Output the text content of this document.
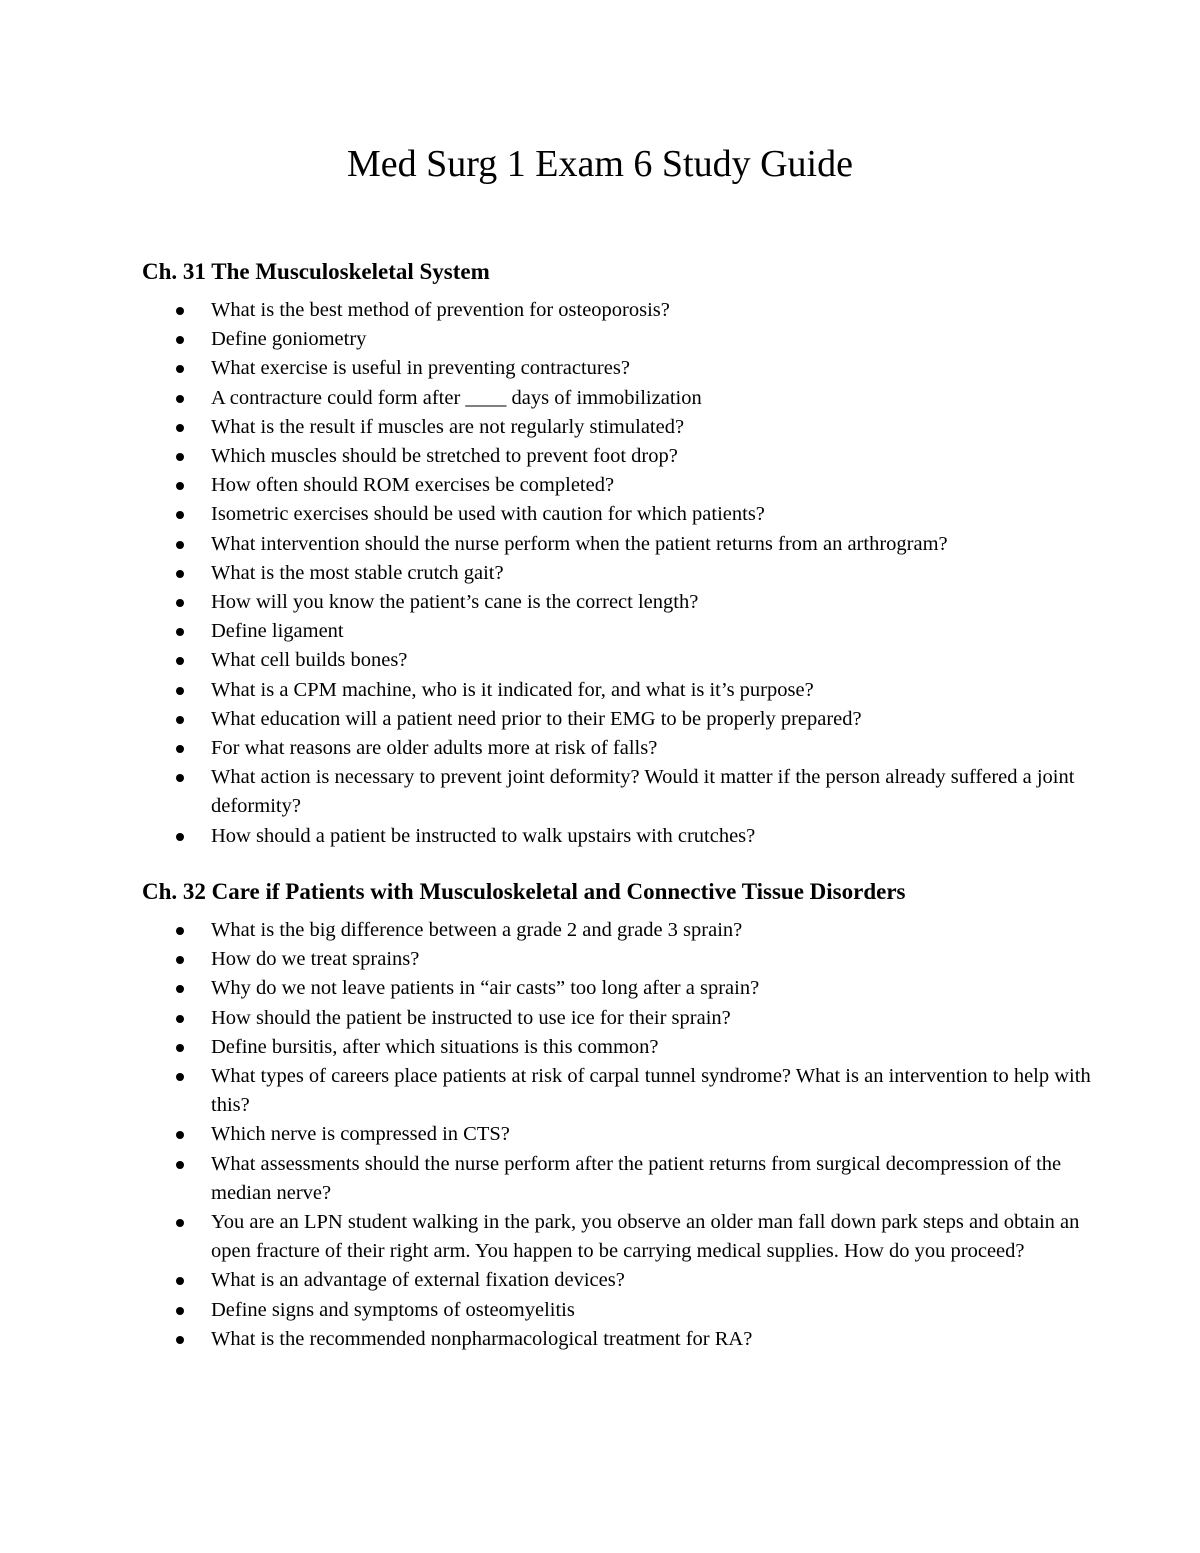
Med Surg 1 Exam 6 Study Guide
Ch. 31 The Musculoskeletal System
What is the best method of prevention for osteoporosis?
Define goniometry
What exercise is useful in preventing contractures?
A contracture could form after ____ days of immobilization
What is the result if muscles are not regularly stimulated?
Which muscles should be stretched to prevent foot drop?
How often should ROM exercises be completed?
Isometric exercises should be used with caution for which patients?
What intervention should the nurse perform when the patient returns from an arthrogram?
What is the most stable crutch gait?
How will you know the patient’s cane is the correct length?
Define ligament
What cell builds bones?
What is a CPM machine, who is it indicated for, and what is it’s purpose?
What education will a patient need prior to their EMG to be properly prepared?
For what reasons are older adults more at risk of falls?
What action is necessary to prevent joint deformity? Would it matter if the person already suffered a joint deformity?
How should a patient be instructed to walk upstairs with crutches?
Ch. 32 Care if Patients with Musculoskeletal and Connective Tissue Disorders
What is the big difference between a grade 2 and grade 3 sprain?
How do we treat sprains?
Why do we not leave patients in “air casts” too long after a sprain?
How should the patient be instructed to use ice for their sprain?
Define bursitis, after which situations is this common?
What types of careers place patients at risk of carpal tunnel syndrome? What is an intervention to help with this?
Which nerve is compressed in CTS?
What assessments should the nurse perform after the patient returns from surgical decompression of the median nerve?
You are an LPN student walking in the park, you observe an older man fall down park steps and obtain an open fracture of their right arm. You happen to be carrying medical supplies. How do you proceed?
What is an advantage of external fixation devices?
Define signs and symptoms of osteomyelitis
What is the recommended nonpharmacological treatment for RA?
